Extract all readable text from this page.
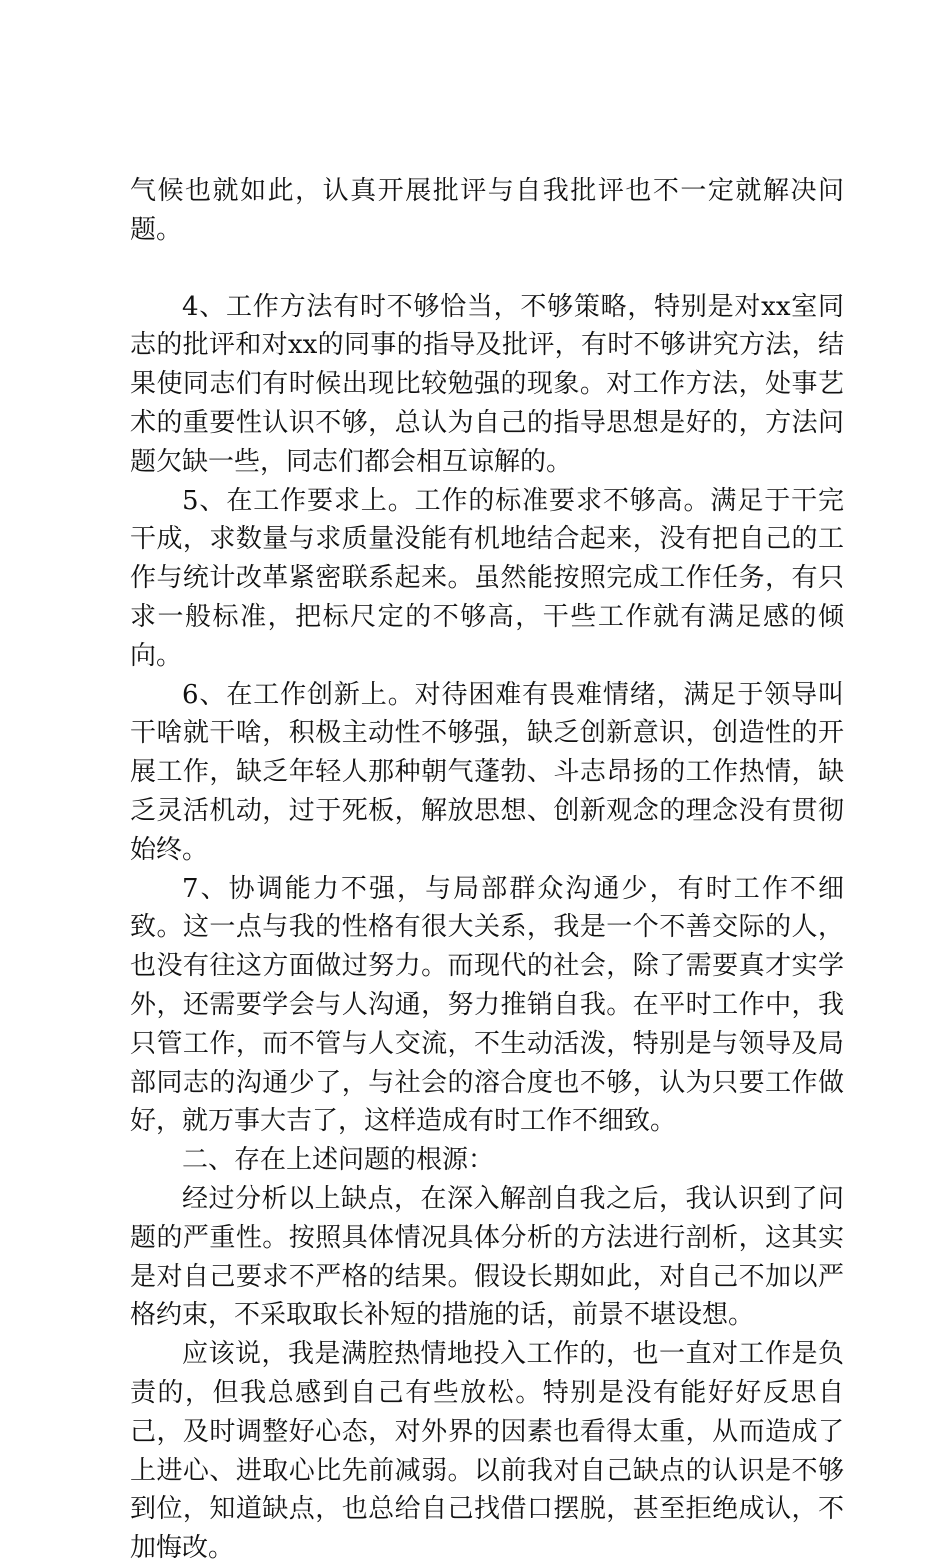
气候也就如此，认真开展批评与自我批评也不一定就解决问题。

4、工作方法有时不够恰当，不够策略，特别是对xx室同志的批评和对xx的同事的指导及批评，有时不够讲究方法，结果使同志们有时候出现比较勉强的现象。对工作方法，处事艺术的重要性认识不够，总认为自己的指导思想是好的，方法问题欠缺一些，同志们都会相互谅解的。

5、在工作要求上。工作的标准要求不够高。满足于干完干成，求数量与求质量没能有机地结合起来，没有把自己的工作与统计改革紧密联系起来。虽然能按照完成工作任务，有只求一般标准，把标尺定的不够高，干些工作就有满足感的倾向。

6、在工作创新上。对待困难有畏难情绪，满足于领导叫干啥就干啥，积极主动性不够强，缺乏创新意识，创造性的开展工作，缺乏年轻人那种朝气蓬勃、斗志昂扬的工作热情，缺乏灵活机动，过于死板，解放思想、创新观念的理念没有贯彻始终。

7、协调能力不强，与局部群众沟通少，有时工作不细致。这一点与我的性格有很大关系，我是一个不善交际的人，也没有往这方面做过努力。而现代的社会，除了需要真才实学外，还需要学会与人沟通，努力推销自我。在平时工作中，我只管工作，而不管与人交流，不生动活泼，特别是与领导及局部同志的沟通少了，与社会的溶合度也不够，认为只要工作做好，就万事大吉了，这样造成有时工作不细致。

二、存在上述问题的根源：

经过分析以上缺点，在深入解剖自我之后，我认识到了问题的严重性。按照具体情况具体分析的方法进行剖析，这其实是对自己要求不严格的结果。假设长期如此，对自己不加以严格约束，不采取取长补短的措施的话，前景不堪设想。

应该说，我是满腔热情地投入工作的，也一直对工作是负责的，但我总感到自己有些放松。特别是没有能好好反思自己，及时调整好心态，对外界的因素也看得太重，从而造成了上进心、进取心比先前减弱。以前我对自己缺点的认识是不够到位，知道缺点，也总给自己找借口摆脱，甚至拒绝成认，不加悔改。
